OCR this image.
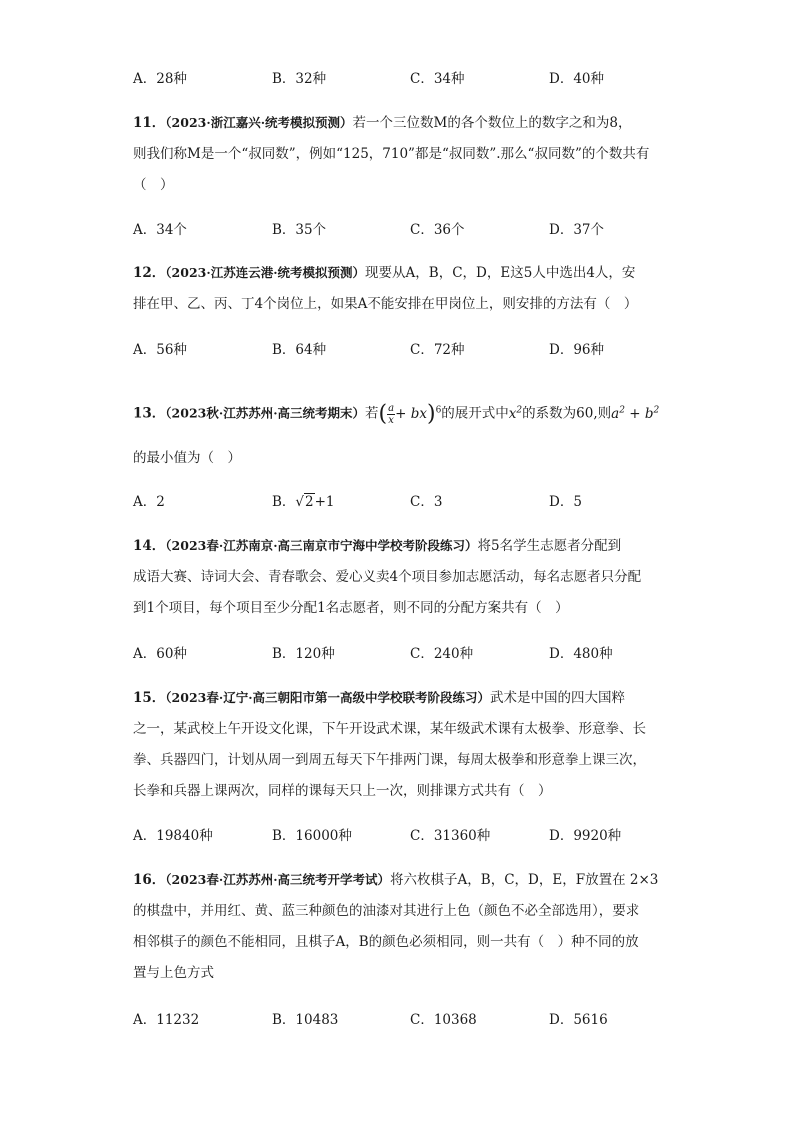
A．28种	B．32种	C．34种	D．40种
11．（2023·浙江嘉兴·统考模拟预测）若一个三位数M的各个数位上的数字之和为8，
则我们称M是一个“叔同数”，例如“125，710”都是“叔同数”.那么“叔同数”的个数共有
（　）
A．34个	B．35个	C．36个	D．37个
12．（2023·江苏连云港·统考模拟预测）现要从A，B，C，D，E这5人中选出4人，安
排在甲、乙、丙、丁4个岗位上，如果A不能安排在甲岗位上，则安排的方法有（　）
A．56种	B．64种	C．72种	D．96种
13．（2023秋·江苏苏州·高三统考期末）若( $\frac{a}{x} + bx)^6$的展开式中$x^2$的系数为60,则$a^2 + b^2$
的最小值为（　）
A．2	B．√2+1	C．3	D．5
14．（2023春·江苏南京·高三南京市宁海中学校考阶段练习）将5名学生志愿者分配到
成语大赛、诗词大会、青春歌会、爱心义卖4个项目参加志愿活动，每名志愿者只分配
到1个项目，每个项目至少分配1名志愿者，则不同的分配方案共有（　）
A．60种	B．120种	C．240种	D．480种
15．（2023春·辽宁·高三朝阳市第一高级中学校联考阶段练习）武术是中国的四大国粹
之一，某武校上午开设文化课，下午开设武术课，某年级武术课有太极拳、形意拳、长
拳、兵器四门，计划从周一到周五每天下午排两门课，每周太极拳和形意拳上课三次，
长拳和兵器上课两次，同样的课每天只上一次，则排课方式共有（　）
A．19840种	B．16000种	C．31360种	D．9920种
16．（2023春·江苏苏州·高三统考开学考试）将六枚棋子A，B，C，D，E，F放置在 2×3
的棋盘中，并用红、黄、蓝三种颜色的油漆对其进行上色（颜色不必全部选用），要求
相邻棋子的颜色不能相同，且棋子A，B的颜色必须相同，则一共有（　）种不同的放
置与上色方式
A．11232	B．10483	C．10368	D．5616
